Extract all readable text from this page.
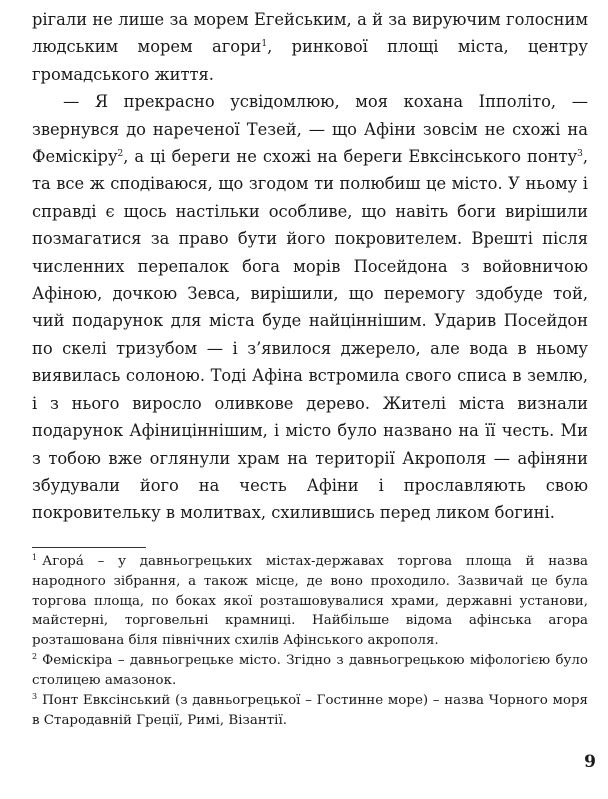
рігали не лише за морем Егейським, а й за вируючим голосним людським морем агори$^1$, ринкової площі міста, центру громадського життя.

— Я прекрасно усвідомлюю, моя кохана Іпполіто, — звернувся до нареченої Тезей, — що Афіни зовсім не схожі на Феміскіру$^2$, а ці береги не схожі на береги Евксінського понту$^3$, та все ж сподіваюся, що згодом ти полюбиш це місто. У ньому і справді є щось настільки особливе, що навіть боги вирішили позмагатися за право бути його покровителем. Врешті після численних перепалок бога морів Посейдона з войовничою Афіною, дочкою Зевса, вирішили, що перемогу здобуде той, чий подарунок для міста буде найціннішим. Ударив Посейдон по скелі тризубом — і з’явилося джерело, але вода в ньому виявилась солоною. Тоді Афіна встромила свого списа в землю, і з нього виросло оливкове дерево. Жителі міста визнали подарунок Афіниціннішим, і місто було названо на її честь. Ми з тобою вже оглянули храм на території Акрополя — афіняни збудували його на честь Афіни і прославляють свою покровительку в молитвах, схилившись перед ликом богині.

$^1$ Агора́ – у давньогрецьких містах-державах торгова площа й назва народного зібрання, а також місце, де воно проходило. Зазвичай це була торгова площа, по боках якої розташовувалися храми, державні установи, майстерні, торговельні крамниці. Найбільше відома афінська агора розташована біля північних схилів Афінського акрополя.

$^2$ Феміскіра – давньогрецьке місто. Згідно з давньогрецькою міфологією було столицею амазонок.

$^3$ Понт Евксінський (з давньогрецької – Гостинне море) – назва Чорного моря в Стародавній Греції, Римі, Візантії.

9
